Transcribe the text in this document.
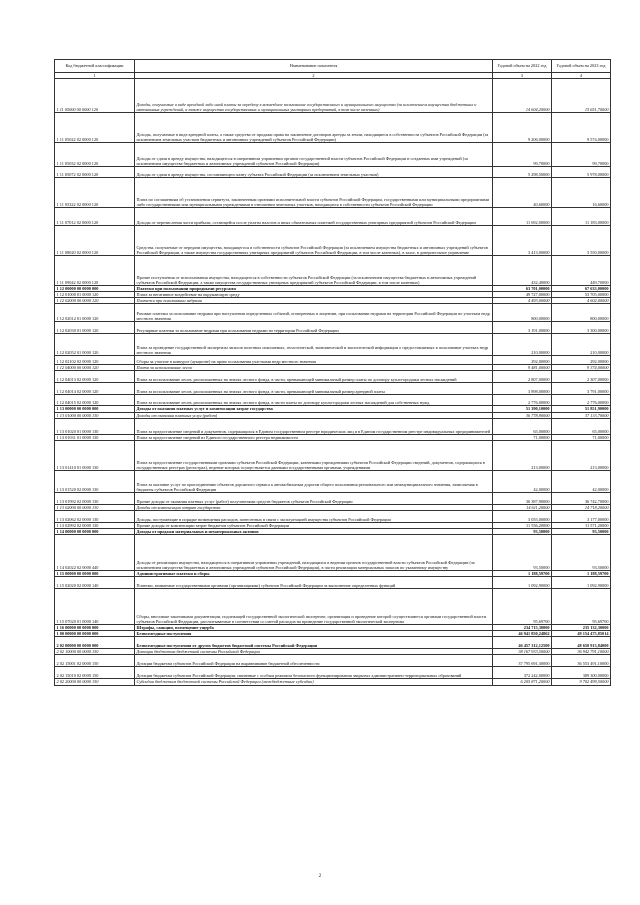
Код бюджетной классификации	Наименование показателя	Годовой объем на 2022 год	Годовой объем на 2023 год
1	2	3	4
1 11 05000 00 0000 120	Доходы, получаемые в виде арендной либо иной платы за передачу в возмездное пользование государственного и муниципального имущества (за исключением имущества бюджетных и автономных учреждений, а также имущества государственных и муниципальных унитарных предприятий, в том числе казенных)	14 604,20000	15 651,70000
1 11 05022 02 0000 120	Доходы, получаемые в виде арендной платы, а также средства от продажи права на заключение договоров аренды за земли, находящиеся в собственности субъектов Российской Федерации (за исключением земельных участков бюджетных и автономных учреждений субъектов Российской Федерации)	9 206,00000	9 574,00000
1 11 05032 02 0000 120	Доходы от сдачи в аренду имущества, находящегося в оперативном управлении органов государственной власти субъектов Российской Федерации и созданных ими учреждений (за исключением имущества бюджетных и автономных учреждений субъектов Российской Федерации)	99,70000	99,70000
1 11 05072 02 0000 120	Доходы от сдачи в аренду имущества, составляющего казну субъекта Российской Федерации (за исключением земельных участков)	5 298,50000	5 978,00000
1 11 05322 02 0000 120	Плата по соглашениям об установлении сервитута, заключенным органами исполнительной власти субъектов Российской Федерации, государственными или муниципальными предприятиями либо государственными или муниципальными учреждениями в отношении земельных участков, находящихся в собственности субъектов Российской Федерации	40,60000	16,60000
1 11 07012 02 0000 120	Доходы от перечисления части прибыли, остающейся после уплаты налогов и иных обязательных платежей государственных унитарных предприятий субъектов Российской Федерации	11 692,00000	11 183,00000
1 11 08020 02 0000 120	Средства, получаемые от передачи имущества, находящегося в собственности субъектов Российской Федерации (за исключением имущества бюджетных и автономных учреждений субъектов Российской Федерации, а также имущества государственных унитарных предприятий субъектов Российской Федерации, в том числе казенных), в залог, в доверительное управление	3 413,00000	3 550,00000
1 11 09042 02 0000 120	Прочие поступления от использования имущества, находящегося в собственности субъектов Российской Федерации (за исключением имущества бюджетных и автономных учреждений субъектов Российской Федерации, а также имущества государственных унитарных предприятий субъектов Российской Федерации, в том числе казенных)	432,40000	449,70000
1 12 00000 00 0000 000	Платежи при пользовании природными ресурсами	63 701,00000	67 633,00000
1 12 01000 01 0000 120	Плата за негативное воздействие на окружающую среду	49 727,00000	53 705,00000
1 12 02000 00 0000 120	Платежи при пользовании недрами	4 493,00000	4 602,00000
1 12 02012 01 0000 120	Разовые платежи за пользование недрами при наступлении определенных событий, оговоренных в лицензии, при пользовании недрами на территории Российской Федерации по участкам недр местного значения	800,00000	800,00000
1 12 02030 01 0000 120	Регулярные платежи за пользование недрами при пользовании недрами на территории Российской Федерации	3 191,00000	3 300,00000
1 12 02052 01 0000 120	Плата за проведение государственной экспертизы запасов полезных ископаемых, геологической, экономической и экологической информации о предоставляемых в пользование участках недр местного значения	210,00000	210,00000
1 12 02102 02 0000 120	Сборы за участие в конкурсе (аукционе) на право пользования участками недр местного значения	292,00000	292,00000
1 12 04000 00 0000 120	Плата за использование лесов	9 481,00000	9 374,00000
1 12 04013 02 0000 120	Плата за использование лесов, расположенных на землях лесного фонда, в части, превышающей минимальный размер платы по договору купли-продажи лесных насаждений	2 807,00000	2 307,00000
1 12 04014 02 0000 120	Плата за использование лесов, расположенных на землях лесного фонда, в части, превышающей минимальный размер арендной платы	3 898,00000	3 791,00000
1 12 04015 02 0000 120	Плата за использование лесов, расположенных на землях лесного фонда, в части платы по договору купли-продажи лесных насаждений для собственных нужд	2 776,00000	2 776,00000
1 13 00000 00 0000 000	Доходы от оказания платных услуг и компенсации затрат государства	51 390,10000	51 851,90000
1 13 01000 00 0000 130	Доходы от оказания платных услуг (работ)	36 778,90000	37 133,70000
1 13 01020 01 0000 130	Плата за предоставление сведений и документов, содержащихся в Едином государственном реестре юридических лиц и в Едином государственном реестре индивидуальных предпринимателей	65,00000	65,00000
1 13 01031 01 0000 130	Плата за предоставление сведений из Единого государственного реестра недвижимости	71,00000	71,00000
1 13 01410 01 0000 130	Плата за предоставление государственными органами субъектов Российской Федерации, казенными учреждениями субъектов Российской Федерации сведений, документов, содержащихся в государственных реестрах (регистрах), ведение которых осуществляется данными государственными органами, учреждениями	213,00000	213,00000
1 13 01520 02 0000 130	Плата за оказание услуг по присоединению объектов дорожного сервиса к автомобильным дорогам общего пользования регионального или межмуниципального значения, зачисляемая в бюджеты субъектов Российской Федерации	42,00000	42,00000
1 13 01992 02 0000 130	Прочие доходы от оказания платных услуг (работ) получателями средств бюджетов субъектов Российской Федерации	36 387,90000	36 742,70000
1 13 02000 00 0000 130	Доходы от компенсации затрат государства	14 611,20000	14 718,20000
1 13 02062 02 0000 130	Доходы, поступающие в порядке возмещения расходов, понесенных в связи с эксплуатацией имущества субъектов Российской Федерации	3 055,00000	3 177,00000
1 13 02992 02 0000 130	Прочие доходы от компенсации затрат бюджетов субъектов Российской Федерации	11 556,20000	11 571,20000
1 14 00000 00 0000 000	Доходы от продажи материальных и нематериальных активов	93,50000	93,50000
1 14 02022 02 0000 440	Доходы от реализации имущества, находящегося в оперативном управлении учреждений, находящихся в ведении органов государственной власти субъектов Российской Федерации (за исключением имущества бюджетных и автономных учреждений субъектов Российской Федерации), в части реализации материальных запасов по указанному имуществу	93,50000	93,50000
1 15 00000 00 0000 000	Административные платежи и сборы	1 188,59700	1 188,59700
1 15 02020 02 0000 140	Платежи, взимаемые государственными органами (организациями) субъектов Российской Федерации за выполнение определенных функций	1 092,90000	1 092,90000
1 15 07020 01 0000 140	Сборы, вносимые заказчиками документации, подлежащей государственной экологической экспертизе, организация и проведение которой осуществляются органами государственной власти субъектов Российской Федерации, рассчитываемые в соответствии со сметой расходов на проведение государственной экологической экспертизы	95,69700	95,69700
1 16 00000 00 0000 000	Штрафы, санкции, возмещение ущерба	234 715,30000	235 132,30000
1 00 00000 00 0000 000	Безвозмездные поступления	46 941 850,24862	49 154 475,85014
2 02 00000 00 0000 000	Безвозмездные поступления от других бюджетов бюджетной системы Российской Федерации	46 457 312,12500	48 650 913,84000
2 02 10000 00 0000 150	Дотации бюджетам бюджетной системы Российской Федерации	38 167 933,50000	36 942 791,10000
2 02 15001 02 0000 150	Дотации бюджетам субъектов Российской Федерации на выравнивание бюджетной обеспеченности	37 795 691,30000	36 553 491,10000
2 02 15010 02 0000 150	Дотации бюджетам субъектов Российской Федерации, связанные с особым режимом безопасного функционирования закрытых административно-территориальных образований	372 242,00000	389 300,00000
2 02 20000 00 0000 150	Субсидии бюджетам бюджетной системы Российской Федерации (межбюджетные субсидии)	6 205 871,20000	9 702 499,50000
2
